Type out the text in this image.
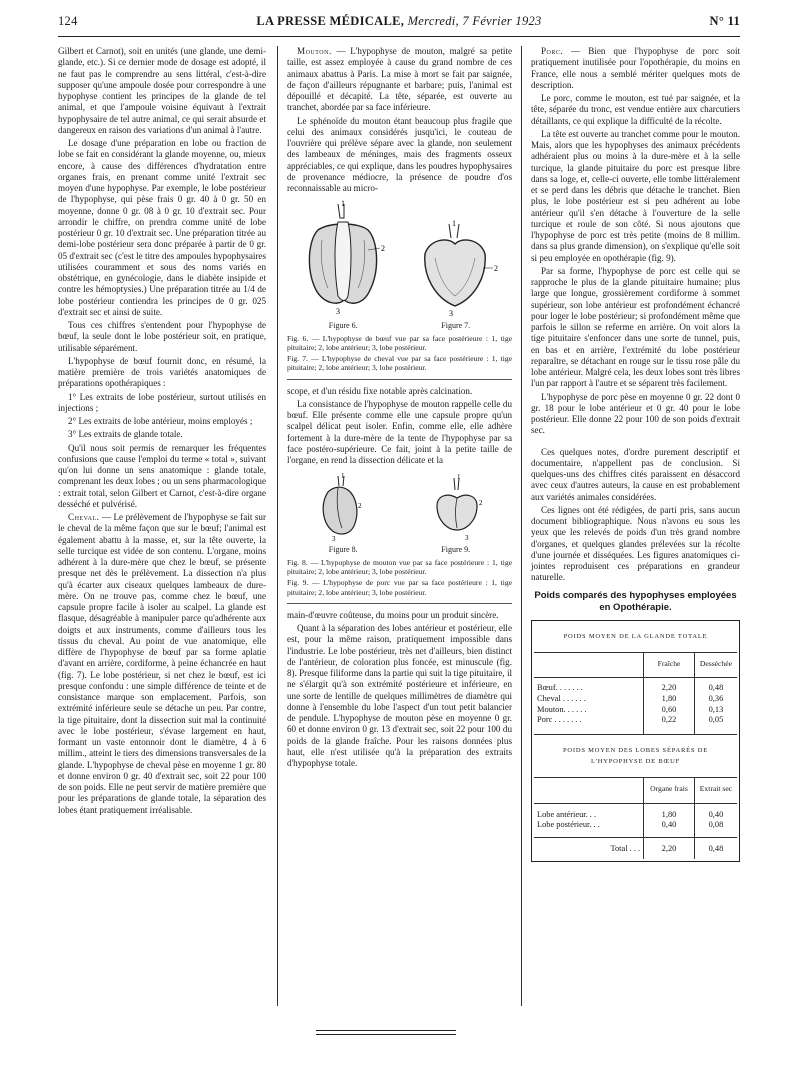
124	LA PRESSE MÉDICALE, Mercredi, 7 Février 1923	N° 11

Gilbert et Carnot), soit en unités (une glande, une demi-glande, etc.). Si ce dernier mode de dosage est adopté, il ne faut pas le comprendre au sens littéral, c'est-à-dire supposer qu'une ampoule dosée pour correspondre à une hypophyse contient les principes de la glande de tel animal, et que l'ampoule voisine équivaut à l'extrait hypophysaire de tel autre animal, ce qui serait absurde et dangereux en raison des variations d'un animal à l'autre.

Le dosage d'une préparation en lobe ou fraction de lobe se fait en considérant la glande moyenne, ou, mieux encore, à cause des différences d'hydratation entre organes frais, en prenant comme unité l'extrait sec moyen d'une hypophyse. Par exemple, le lobe postérieur de l'hypophyse, qui pèse frais 0 gr. 40 à 0 gr. 50 en moyenne, donne 0 gr. 08 à 0 gr. 10 d'extrait sec. Pour arrondir le chiffre, on prendra comme unité de lobe postérieur 0 gr. 10 d'extrait sec. Une préparation titrée au demi-lobe postérieur sera donc préparée à partir de 0 gr. 05 d'extrait sec (c'est le titre des ampoules hypophysaires utilisées couramment et sous des noms variés en obstétrique, en gynécologie, dans le diabète insipide et contre les hémoptysies.) Une préparation titrée au 1/4 de lobe postérieur contiendra les principes de 0 gr. 025 d'extrait sec et ainsi de suite.

Tous ces chiffres s'entendent pour l'hypophyse de bœuf, la seule dont le lobe postérieur soit, en pratique, utilisable séparément.

L'hypophyse de bœuf fournit donc, en résumé, la matière première de trois variétés anatomiques de préparations opothérapiques :

1° Les extraits de lobe postérieur, surtout utilisés en injections ;

2° Les extraits de lobe antérieur, moins employés ;

3° Les extraits de glande totale.

Qu'il nous soit permis de remarquer les fréquentes confusions que cause l'emploi du terme « total », suivant qu'on lui donne un sens anatomique : glande totale, comprenant les deux lobes ; ou un sens pharmacologique : extrait total, selon Gilbert et Carnot, c'est-à-dire organe desséché et pulvérisé.

Cheval. — Le prélèvement de l'hypophyse se fait sur le cheval de la même façon que sur le bœuf; l'animal est également abattu à la masse, et, sur la tête ouverte, la selle turcique est vidée de son contenu. L'organe, moins adhérent à la dure-mère que chez le bœuf, se présente presque net dès le prélèvement. La dissection n'a plus qu'à écarter aux ciseaux quelques lambeaux de dure-mère. On ne trouve pas, comme chez le bœuf, une capsule propre facile à isoler au scalpel. La glande est flasque, désagréable à manipuler parce qu'adhérente aux doigts et aux instruments, comme d'ailleurs tous les tissus du cheval. Au point de vue anatomique, elle diffère de l'hypophyse de bœuf par sa forme aplatie d'avant en arrière, cordiforme, à peine échancrée en haut (fig. 7). Le lobe postérieur, si net chez le bœuf, est ici presque confondu : une simple différence de teinte et de consistance marque son emplacement. Parfois, son extrémité inférieure seule se détache un peu. Par contre, la tige pituitaire, dont la dissection suit mal la continuité avec le lobe postérieur, s'évase largement en haut, formant un vaste entonnoir dont le diamètre, 4 à 6 millim., atteint le tiers des dimensions transversales de la glande. L'hypophyse de cheval pèse en moyenne 1 gr. 80 et donne environ 0 gr. 40 d'extrait sec, soit 22 pour 100 de son poids. Elle ne peut servir de matière première que pour les préparations de glande totale, la séparation des lobes étant pratiquement irréalisable.

Mouton. — L'hypophyse de mouton, malgré sa petite taille, est assez employée à cause du grand nombre de ces animaux abattus à Paris. La mise à mort se fait par saignée, de façon d'ailleurs répugnante et barbare; puis, l'animal est dépouillé et décapité. La tête, séparée, est ouverte au tranchet, abordée par sa face inférieure.

Le sphénoïde du mouton étant beaucoup plus fragile que celui des animaux considérés jusqu'ici, le couteau de l'ouvrière qui prélève sépare avec la glande, non seulement des lambeaux de méninges, mais des fragments osseux appréciables, ce qui explique, dans les poudres hypophysaires de provenance médiocre, la présence de poudre d'os reconnaissable au micro-

1
2
3
Figure 6.
1
2
3
Figure 7.

Fig. 6. — L'hypophyse de bœuf vue par sa face postérieure : 1, tige pituitaire; 2, lobe antérieur; 3, lobe postérieur.

Fig. 7. — L'hypophyse de cheval vue par sa face postérieure : 1, tige pituitaire; 2, lobe antérieur; 3, lobe postérieur.

scope, et d'un résidu fixe notable après calcination.

La consistance de l'hypophyse de mouton rappelle celle du bœuf. Elle présente comme elle une capsule propre qu'un scalpel délicat peut isoler. Enfin, comme elle, elle adhère fortement à la dure-mère de la tente de l'hypophyse par sa face postéro-supérieure. Ce fait, joint à la petite taille de l'organe, en rend la dissection délicate et la

1
2
3
Figure 8.
1
2
3
Figure 9.

Fig. 8. — L'hypophyse de mouton vue par sa face postérieure : 1, tige pituitaire; 2, lobe antérieur; 3, lobe postérieur.

Fig. 9. — L'hypophyse de porc vue par sa face postérieure : 1, tige pituitaire; 2, lobe antérieur; 3, lobe postérieur.

main-d'œuvre coûteuse, du moins pour un produit sincère.

Quant à la séparation des lobes antérieur et postérieur, elle est, pour la même raison, pratiquement impossible dans l'industrie. Le lobe postérieur, très net d'ailleurs, bien distinct de l'antérieur, de coloration plus foncée, est minuscule (fig. 8). Presque filiforme dans la partie qui suit la tige pituitaire, il ne s'élargit qu'à son extrémité postérieure et inférieure, en une sorte de lentille de quelques millimètres de diamètre qui donne à l'ensemble du lobe l'aspect d'un tout petit balancier de pendule. L'hypophyse de mouton pèse en moyenne 0 gr. 60 et donne environ 0 gr. 13 d'extrait sec, soit 22 pour 100 du poids de la glande fraîche. Pour les raisons données plus haut, elle n'est utilisée qu'à la préparation des extraits d'hypophyse totale.

Porc. — Bien que l'hypophyse de porc soit pratiquement inutilisée pour l'opothérapie, du moins en France, elle nous a semblé mériter quelques mots de description.

Le porc, comme le mouton, est tué par saignée, et la tête, séparée du tronc, est vendue entière aux charcutiers détaillants, ce qui explique la difficulté de la récolte.

La tête est ouverte au tranchet comme pour le mouton. Mais, alors que les hypophyses des animaux précédents adhéraient plus ou moins à la dure-mère et à la selle turcique, la glande pituitaire du porc est presque libre dans sa loge, et, celle-ci ouverte, elle tombe littéralement et se perd dans les débris que détache le tranchet. Bien plus, le lobe postérieur est si peu adhérent au lobe antérieur qu'il s'en détache à l'ouverture de la selle turcique et roule de son côté. Si nous ajoutons que l'hypophyse de porc est très petite (moins de 8 millim. dans sa plus grande dimension), on s'explique qu'elle soit si peu employée en opothérapie (fig. 9).

Par sa forme, l'hypophyse de porc est celle qui se rapproche le plus de la glande pituitaire humaine; plus large que longue, grossièrement cordiforme à sommet supérieur, son lobe antérieur est profondément échancré pour loger le lobe postérieur; si profondément même que parfois le sillon se referme en arrière. On voit alors la tige pituitaire s'enfoncer dans une sorte de tunnel, puis, en bas et en arrière, l'extrémité du lobe postérieur reparaître, se détachant en rouge sur le tissu rose pâle du lobe antérieur. Malgré cela, les deux lobes sont très libres l'un par rapport à l'autre et se séparent très facilement.

L'hypophyse de porc pèse en moyenne 0 gr. 22 dont 0 gr. 18 pour le lobe antérieur et 0 gr. 40 pour le lobe postérieur. Elle donne 22 pour 100 de son poids d'extrait sec.

Ces quelques notes, d'ordre purement descriptif et documentaire, n'appellent pas de conclusion. Si quelques-uns des chiffres cités paraissent en désaccord avec ceux d'autres auteurs, la cause en est probablement aux variétés animales considérées.

Ces lignes ont été rédigées, de parti pris, sans aucun document bibliographique. Nous n'avons eu sous les yeux que les relevés de poids d'un très grand nombre d'organes, et quelques glandes prélevées sur la récolte d'une journée et disséquées. Les figures anatomiques ci-jointes reproduisent ces préparations en grandeur naturelle.

Poids comparés des hypophyses employées en Opothérapie.
POIDS MOYEN DE LA GLANDE TOTALE
	Fraîche	Desséchée
Bœuf. . . . . . .	2,20	0,48
Cheval . . . . . .	1,80	0,36
Mouton. . . . . .	0,60	0,13
Porc . . . . . . .	0,22	0,05

POIDS MOYEN DES LOBES SÉPARÉS DE L'HYPOPHYSE DE BŒUF
	Organe frais	Extrait sec
Lobe antérieur. . .	1,80	0,40
Lobe postérieur. . .	0,40	0,08
Total . . .	2,20	0,48
